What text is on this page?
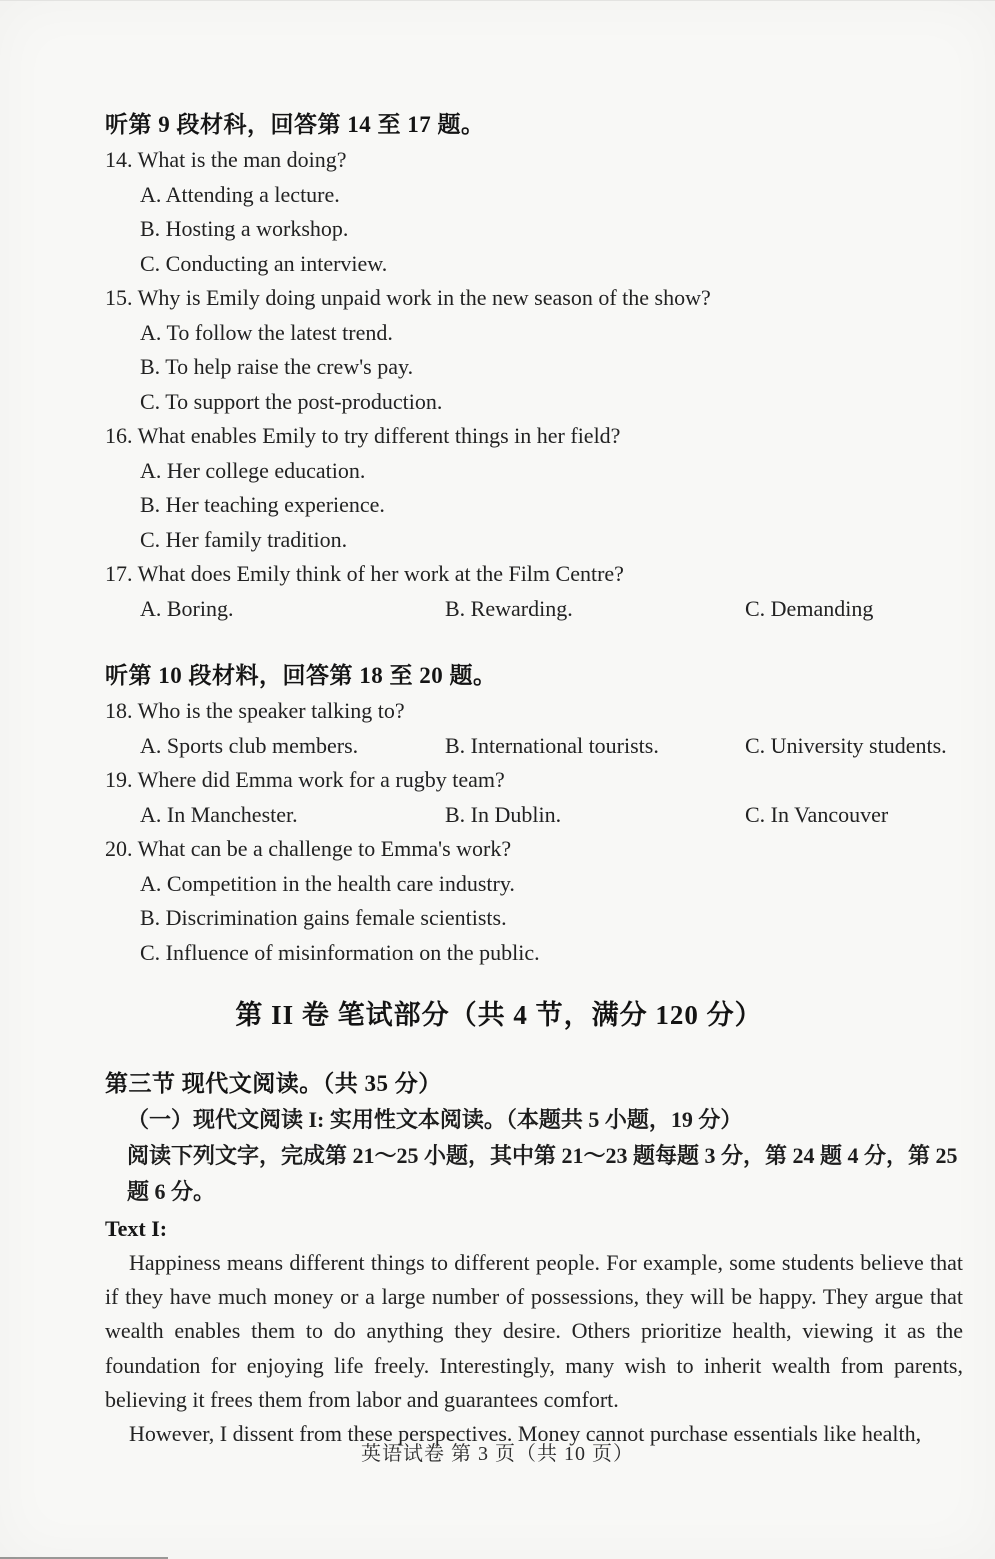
听第 9 段材科，回答第 14 至 17 题。
14. What is the man doing?
A. Attending a lecture.
B. Hosting a workshop.
C. Conducting an interview.
15. Why is Emily doing unpaid work in the new season of the show?
A. To follow the latest trend.
B. To help raise the crew's pay.
C. To support the post-production.
16. What enables Emily to try different things in her field?
A. Her college education.
B. Her teaching experience.
C. Her family tradition.
17. What does Emily think of her work at the Film Centre?
A. Boring.	B. Rewarding.	C. Demanding
听第 10 段材料，回答第 18 至 20 题。
18. Who is the speaker talking to?
A. Sports club members.	B. International tourists.	C. University students.
19. Where did Emma work for a rugby team?
A. In Manchester.	B. In Dublin.	C. In Vancouver
20. What can be a challenge to Emma's work?
A. Competition in the health care industry.
B. Discrimination gains female scientists.
C. Influence of misinformation on the public.
第 II 卷 笔试部分（共 4 节，满分 120 分）
第三节 现代文阅读。（共 35 分）
（一）现代文阅读 I: 实用性文本阅读。（本题共 5 小题，19 分）
阅读下列文字，完成第 21～25 小题，其中第 21～23 题每题 3 分，第 24 题 4 分，第 25 题 6 分。
Text I:

Happiness means different things to different people. For example, some students believe that if they have much money or a large number of possessions, they will be happy. They argue that wealth enables them to do anything they desire. Others prioritize health, viewing it as the foundation for enjoying life freely. Interestingly, many wish to inherit wealth from parents, believing it frees them from labor and guarantees comfort.

However, I dissent from these perspectives. Money cannot purchase essentials like health,

英语试卷 第 3 页（共 10 页）
